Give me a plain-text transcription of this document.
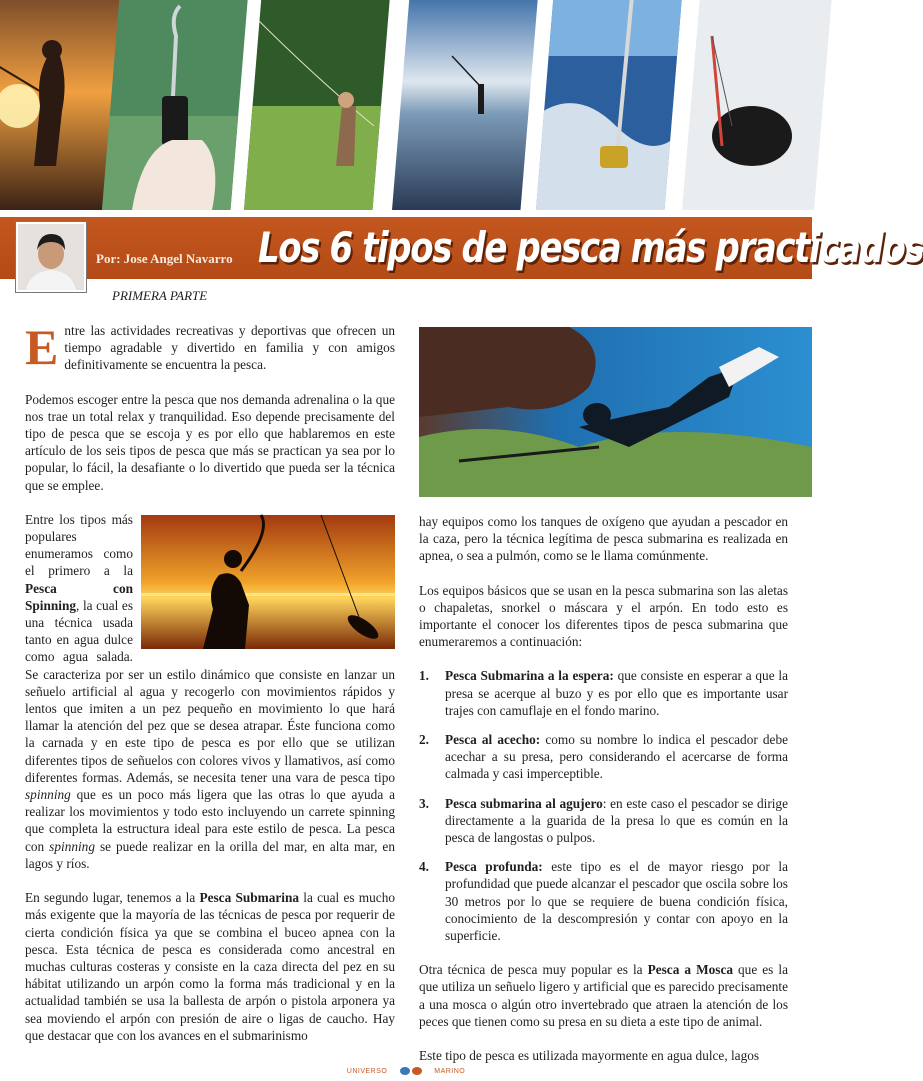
Por: Jose Angel Navarro Los 6 tipos de pesca más practicados
PRIMERA PARTE

Entre las actividades recreativas y deportivas que ofrecen un tiempo agradable y divertido en familia y con amigos definitivamente se encuentra la pesca.

Podemos escoger entre la pesca que nos demanda adrenalina o la que nos trae un total relax y tranquilidad. Eso depende precisamente del tipo de pesca que se escoja y es por ello que hablaremos en este artículo de los seis tipos de pesca que más se practican ya sea por lo popular, lo fácil, la desafiante o lo divertido que pueda ser la técnica que se emplee.

Entre los tipos más populares enumeramos como el primero a la Pesca con Spinning, la cual es una técnica usada tanto en agua dulce como agua salada. Se caracteriza por ser un estilo dinámico que consiste en lanzar un señuelo artificial al agua y recogerlo con movimientos rápidos y lentos que imiten a un pez pequeño en movimiento lo que hará llamar la atención del pez que se desea atrapar. Éste funciona como la carnada y en este tipo de pesca es por ello que se utilizan diferentes tipos de señuelos con colores vivos y llamativos, así como diferentes formas. Además, se necesita tener una vara de pesca tipo spinning que es un poco más ligera que las otras lo que ayuda a realizar los movimientos y todo esto incluyendo un carrete spinning que completa la estructura ideal para este estilo de pesca. La pesca con spinning se puede realizar en la orilla del mar, en alta mar, en lagos y ríos.

En segundo lugar, tenemos a la Pesca Submarina la cual es mucho más exigente que la mayoría de las técnicas de pesca por requerir de cierta condición física ya que se combina el buceo apnea con la pesca. Esta técnica de pesca es considerada como ancestral en muchas culturas costeras y consiste en la caza directa del pez en su hábitat utilizando un arpón como la forma más tradicional y en la actualidad también se usa la ballesta de arpón o pistola arponera ya sea moviendo el arpón con presión de aire o ligas de caucho. Hay que destacar que con los avances en el submarinismo

hay equipos como los tanques de oxígeno que ayudan a pescador en la caza, pero la técnica legítima de pesca submarina es realizada en apnea, o sea a pulmón, como se le llama comúnmente.

Los equipos básicos que se usan en la pesca submarina son las aletas o chapaletas, snorkel o máscara y el arpón. En todo esto es importante el conocer los diferentes tipos de pesca submarina que enumeraremos a continuación:

1. Pesca Submarina a la espera: que consiste en esperar a que la presa se acerque al buzo y es por ello que es importante usar trajes con camuflaje en el fondo marino.
2. Pesca al acecho: como su nombre lo indica el pescador debe acechar a su presa, pero considerando el acercarse de forma calmada y casi imperceptible.
3. Pesca submarina al agujero: en este caso el pescador se dirige directamente a la guarida de la presa lo que es común en la pesca de langostas o pulpos.
4. Pesca profunda: este tipo es el de mayor riesgo por la profundidad que puede alcanzar el pescador que oscila sobre los 30 metros por lo que se requiere de buena condición física, conocimiento de la descompresión y contar con apoyo en la superficie.

Otra técnica de pesca muy popular es la Pesca a Mosca que es la que utiliza un señuelo ligero y artificial que es parecido precisamente a una mosca o algún otro invertebrado que atraen la atención de los peces que tienen como su presa en su dieta a este tipo de animal.

Este tipo de pesca es utilizada mayormente en agua dulce, lagos

UNIVERSO	MARINO
